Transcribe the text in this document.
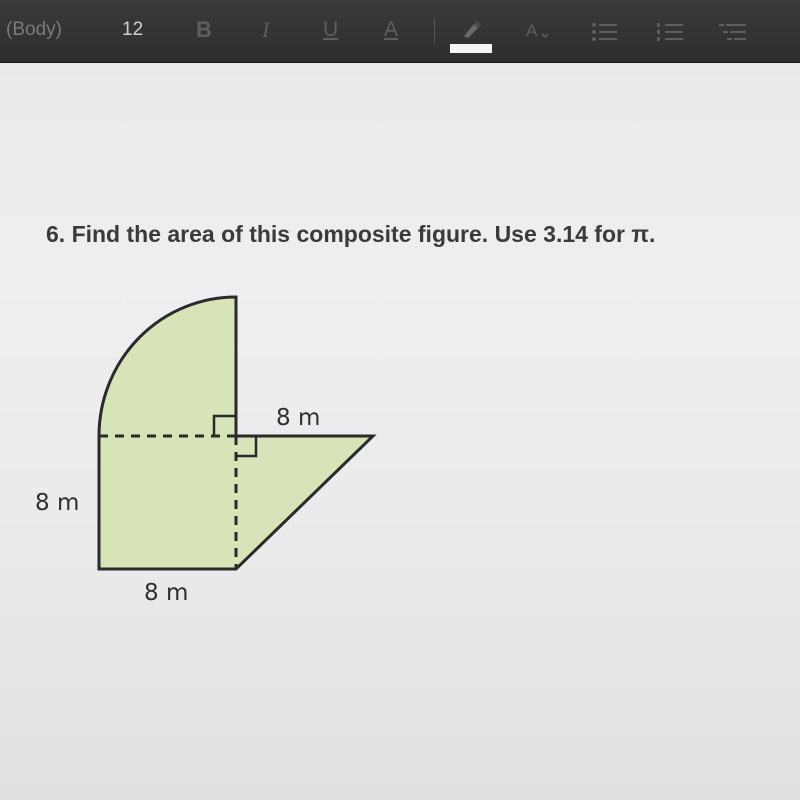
(Body)	12 B I	U A	A
6. Find the area of this composite figure. Use 3.14 for π.
8 m
8 m
8 m
